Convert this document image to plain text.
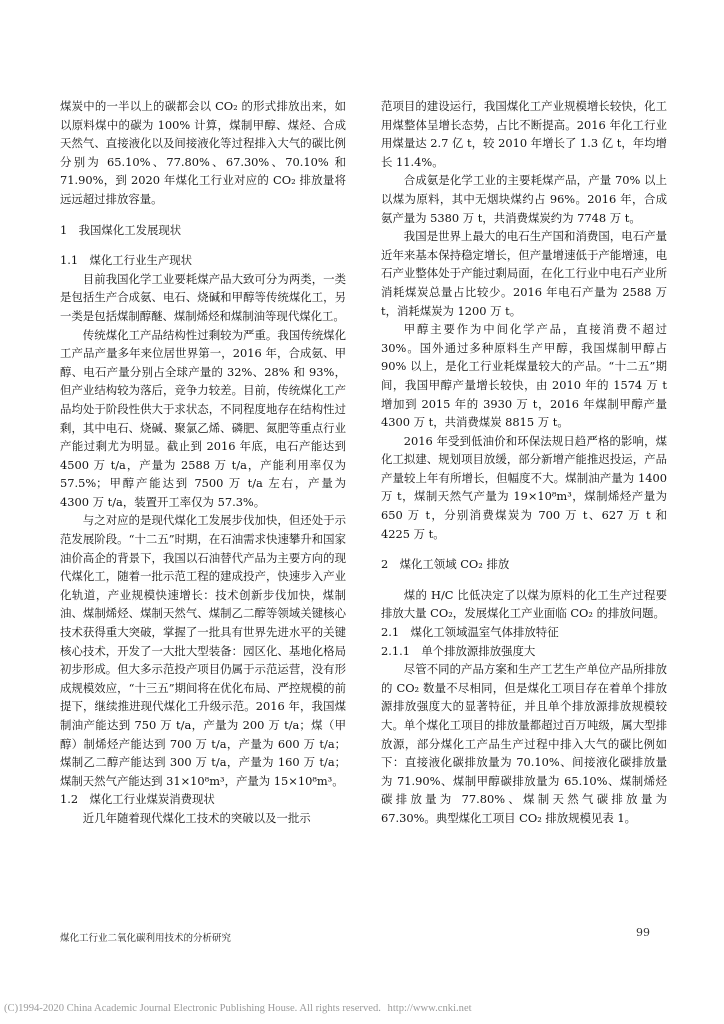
煤炭中的一半以上的碳都会以 CO₂ 的形式排放出来，如以原料煤中的碳为 100% 计算，煤制甲醇、煤烃、合成天然气、直接液化以及间接液化等过程排入大气的碳比例分别为 65.10%、77.80%、67.30%、70.10% 和 71.90%，到 2020 年煤化工行业对应的 CO₂ 排放量将远远超过排放容量。

1　我国煤化工发展现状

1.1　煤化工行业生产现状

目前我国化学工业要耗煤产品大致可分为两类，一类是包括生产合成氨、电石、烧碱和甲醇等传统煤化工，另一类是包括煤制醇醚、煤制烯烃和煤制油等现代煤化工。

传统煤化工产品结构性过剩较为严重。我国传统煤化工产品产量多年来位居世界第一，2016 年，合成氨、甲醇、电石产量分别占全球产量的 32%、28% 和 93%，但产业结构较为落后，竞争力较差。目前，传统煤化工产品均处于阶段性供大于求状态，不同程度地存在结构性过剩，其中电石、烧碱、聚氯乙烯、磷肥、氮肥等重点行业产能过剩尤为明显。截止到 2016 年底，电石产能达到 4500 万 t/a，产量为 2588 万 t/a，产能利用率仅为 57.5%；甲醇产能达到 7500 万 t/a 左右，产量为 4300 万 t/a，装置开工率仅为 57.3%。

与之对应的是现代煤化工发展步伐加快，但还处于示范发展阶段。“十二五”时期，在石油需求快速攀升和国家油价高企的背景下，我国以石油替代产品为主要方向的现代煤化工，随着一批示范工程的建成投产，快速步入产业化轨道，产业规模快速增长：技术创新步伐加快，煤制油、煤制烯烃、煤制天然气、煤制乙二醇等领域关键核心技术获得重大突破，掌握了一批具有世界先进水平的关键核心技术，开发了一大批大型装备：园区化、基地化格局初步形成。但大多示范投产项目仍属于示范运营，没有形成规模效应，“十三五”期间将在优化布局、严控规模的前提下，继续推进现代煤化工升级示范。2016 年，我国煤制油产能达到 750 万 t/a，产量为 200 万 t/a；煤（甲醇）制烯烃产能达到 700 万 t/a，产量为 600 万 t/a；煤制乙二醇产能达到 300 万 t/a，产量为 160 万 t/a；煤制天然气产能达到 31×10⁸m³，产量为 15×10⁸m³。

1.2　煤化工行业煤炭消费现状

近几年随着现代煤化工技术的突破以及一批示

范项目的建设运行，我国煤化工产业规模增长较快，化工用煤整体呈增长态势，占比不断提高。2016 年化工行业用煤量达 2.7 亿 t，较 2010 年增长了 1.3 亿 t，年均增长 11.4%。

合成氨是化学工业的主要耗煤产品，产量 70% 以上以煤为原料，其中无烟块煤约占 96%。2016 年，合成氨产量为 5380 万 t，共消费煤炭约为 7748 万 t。

我国是世界上最大的电石生产国和消费国，电石产量近年来基本保持稳定增长，但产量增速低于产能增速，电石产业整体处于产能过剩局面，在化工行业中电石产业所消耗煤炭总量占比较少。2016 年电石产量为 2588 万 t，消耗煤炭为 1200 万 t。

甲醇主要作为中间化学产品，直接消费不超过 30%。国外通过多种原料生产甲醇，我国煤制甲醇占 90% 以上，是化工行业耗煤量较大的产品。“十二五”期间，我国甲醇产量增长较快，由 2010 年的 1574 万 t 增加到 2015 年的 3930 万 t，2016 年煤制甲醇产量 4300 万 t，共消费煤炭 8815 万 t。

2016 年受到低油价和环保法规日趋严格的影响，煤化工拟建、规划项目放缓，部分新增产能推迟投运，产品产量较上年有所增长，但幅度不大。煤制油产量为 1400 万 t，煤制天然气产量为 19×10⁸m³，煤制烯烃产量为 650 万 t，分别消费煤炭为 700 万 t、627 万 t 和 4225 万 t。

2　煤化工领域 CO₂ 排放

煤的 H/C 比低决定了以煤为原料的化工生产过程要排放大量 CO₂，发展煤化工产业面临 CO₂ 的排放问题。

2.1　煤化工领域温室气体排放特征

2.1.1　单个排放源排放强度大

尽管不同的产品方案和生产工艺生产单位产品所排放的 CO₂ 数量不尽相同，但是煤化工项目存在着单个排放源排放强度大的显著特征，并且单个排放源排放规模较大。单个煤化工项目的排放量都超过百万吨级，属大型排放源，部分煤化工产品生产过程中排入大气的碳比例如下：直接液化碳排放量为 70.10%、间接液化碳排放量为 71.90%、煤制甲醇碳排放量为 65.10%、煤制烯烃碳排放量为 77.80%、煤制天然气碳排放量为 67.30%。典型煤化工项目 CO₂ 排放规模见表 1。

煤化工行业二氧化碳利用技术的分析研究	99
(C)1994-2020 China Academic Journal Electronic Publishing House. All rights reserved. http://www.cnki.net
